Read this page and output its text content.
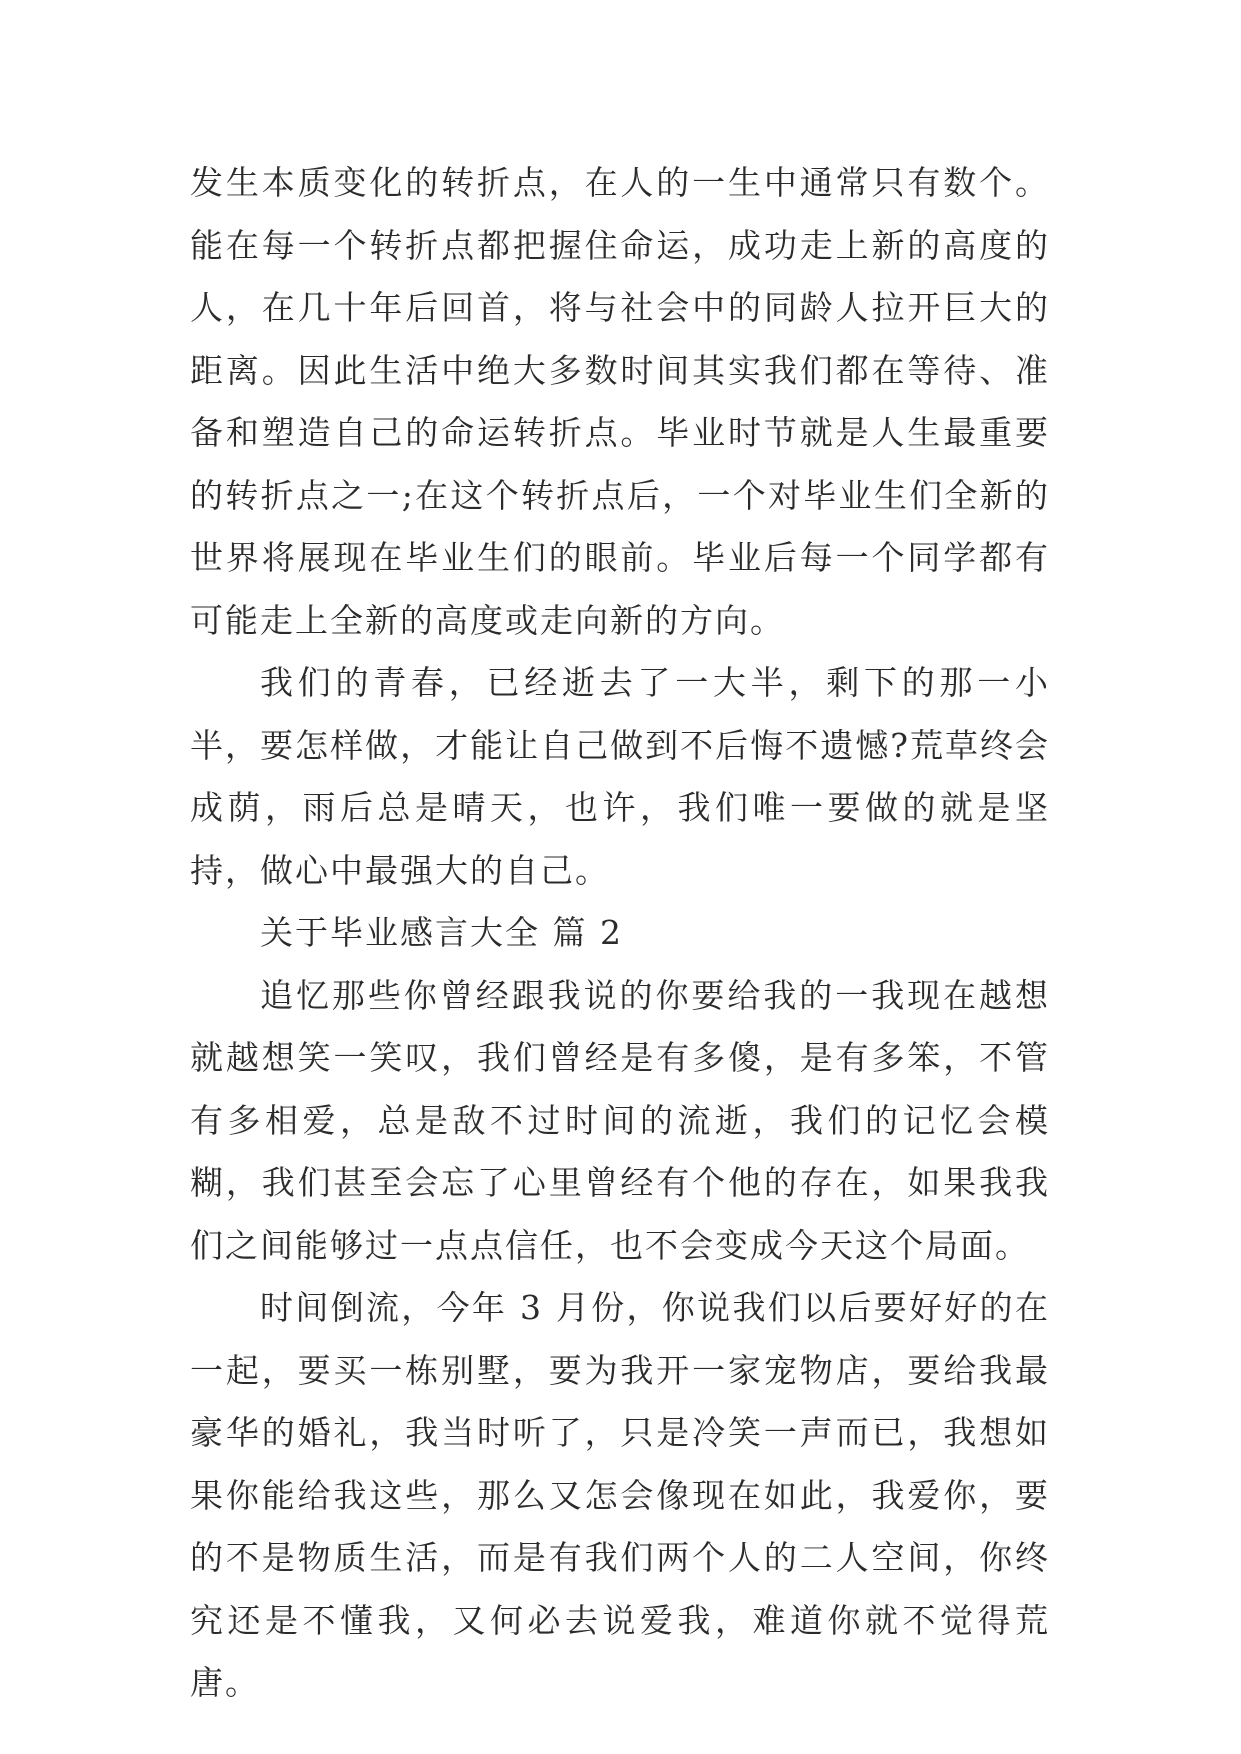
发生本质变化的转折点，在人的一生中通常只有数个。能在每一个转折点都把握住命运，成功走上新的高度的人，在几十年后回首，将与社会中的同龄人拉开巨大的距离。因此生活中绝大多数时间其实我们都在等待、准备和塑造自己的命运转折点。毕业时节就是人生最重要的转折点之一;在这个转折点后，一个对毕业生们全新的世界将展现在毕业生们的眼前。毕业后每一个同学都有可能走上全新的高度或走向新的方向。

我们的青春，已经逝去了一大半，剩下的那一小半，要怎样做，才能让自己做到不后悔不遗憾?荒草终会成荫，雨后总是晴天，也许，我们唯一要做的就是坚持，做心中最强大的自己。

关于毕业感言大全 篇 2

追忆那些你曾经跟我说的你要给我的一我现在越想就越想笑一笑叹，我们曾经是有多傻，是有多笨，不管有多相爱，总是敌不过时间的流逝，我们的记忆会模糊，我们甚至会忘了心里曾经有个他的存在，如果我我们之间能够过一点点信任，也不会变成今天这个局面。

时间倒流，今年 3 月份，你说我们以后要好好的在一起，要买一栋别墅，要为我开一家宠物店，要给我最豪华的婚礼，我当时听了，只是冷笑一声而已，我想如果你能给我这些，那么又怎会像现在如此，我爱你，要的不是物质生活，而是有我们两个人的二人空间，你终究还是不懂我，又何必去说爱我，难道你就不觉得荒唐。
